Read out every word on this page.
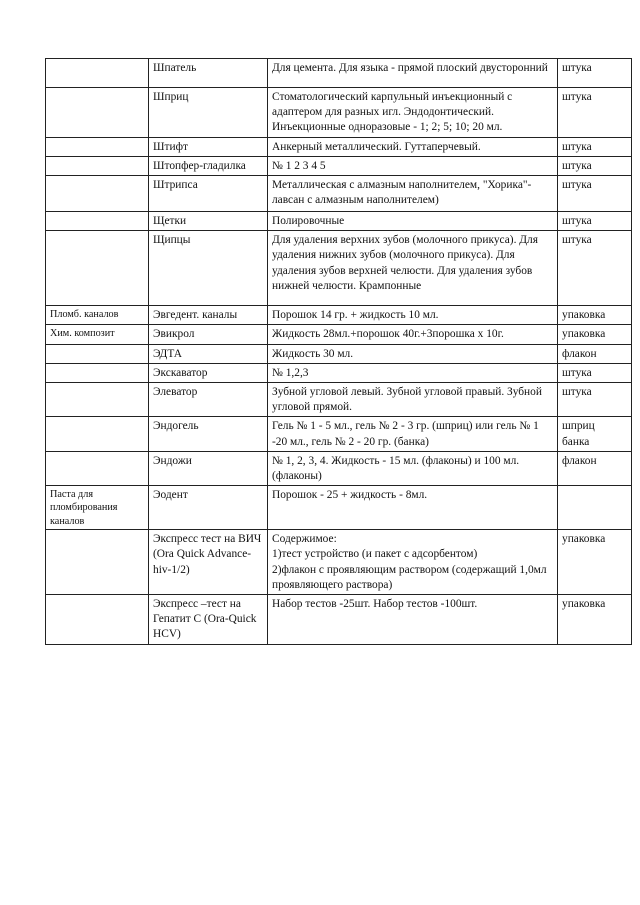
	Шпатель	Для цемента. Для языка - прямой плоский двусторонний	штука
	Шприц	Стоматологический карпульный инъекционный с адаптером для разных игл. Эндодонтический. Инъекционные одноразовые - 1; 2; 5; 10; 20 мл.	штука
	Штифт	Анкерный металлический. Гуттаперчевый.	штука
	Штопфер-гладилка	№ 1 2 3 4 5	штука
	Штрипса	Металлическая с алмазным наполнителем, "Хорика"-лавсан с алмазным наполнителем)	штука
	Щетки	Полировочные	штука
	Щипцы	Для удаления верхних зубов (молочного прикуса). Для удаления нижних зубов (молочного прикуса). Для удаления зубов верхней челюсти. Для удаления зубов нижней челюсти. Крампонные	штука
Пломб. каналов	Эвгедент. каналы	Порошок 14 гр. + жидкость 10 мл.	упаковка
Хим. композит	Эвикрол	Жидкость 28мл.+порошок 40г.+3порошка х 10г.	упаковка
	ЭДТА	Жидкость 30 мл.	флакон
	Экскаватор	№ 1,2,3	штука
	Элеватор	Зубной угловой левый. Зубной угловой правый. Зубной угловой прямой.	штука
	Эндогель	Гель № 1 - 5 мл., гель № 2 - 3 гр. (шприц) или гель № 1 -20 мл., гель № 2 - 20 гр. (банка)	шприц
банка
	Эндожи	№ 1, 2, 3, 4. Жидкость - 15 мл. (флаконы) и 100 мл. (флаконы)	флакон
Паста для пломбирования каналов	Эодент	Порошок - 25 + жидкость - 8мл.	
	Экспресс тест на ВИЧ (Ora Quick Advance-hiv-1/2)	Содержимое:
1)тест устройство (и пакет с адсорбентом)
2)флакон с проявляющим раствором (содержащий 1,0мл проявляющего раствора)	упаковка
	Экспресс –тест на Гепатит С (Ora-Quick HCV)	Набор тестов -25шт. Набор тестов -100шт.	упаковка
